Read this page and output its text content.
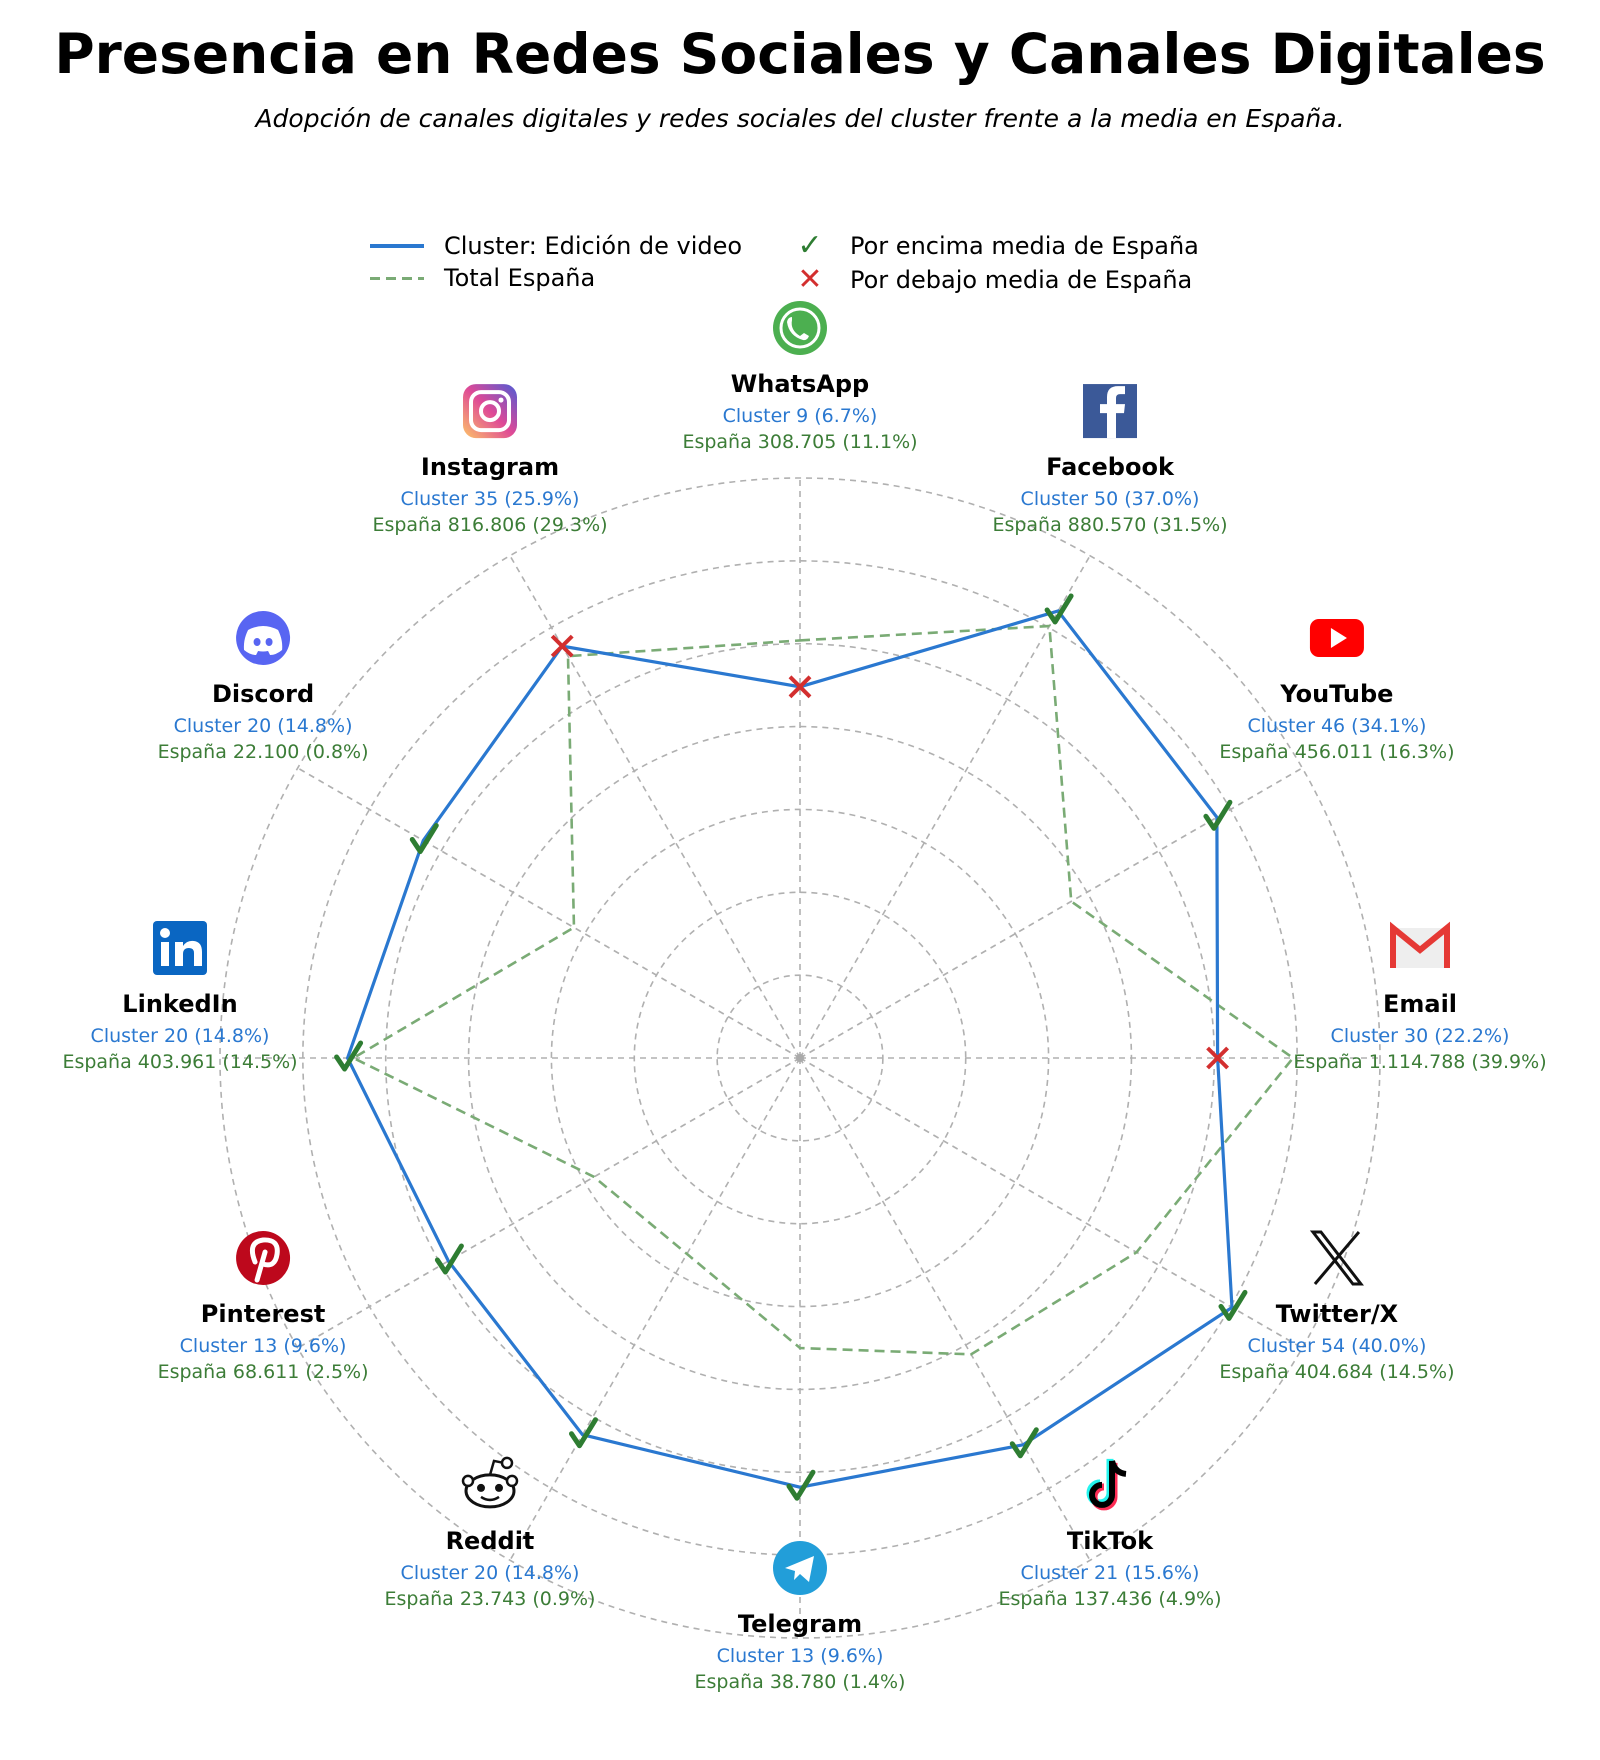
Presencia en Redes Sociales y Canales Digitales
Adopción de canales digitales y redes sociales del cluster frente a la media en España.
Cluster: Edición de video
Total España
✓	Por encima media de España
✕	Por debajo media de España
WhatsApp
Cluster 9 (6.7%)
España 308.705 (11.1%)
Facebook
Cluster 50 (37.0%)
España 880.570 (31.5%)
YouTube
Cluster 46 (34.1%)
España 456.011 (16.3%)
Email
Cluster 30 (22.2%)
España 1.114.788 (39.9%)
Twitter/X
Cluster 54 (40.0%)
España 404.684 (14.5%)
TikTok
Cluster 21 (15.6%)
España 137.436 (4.9%)
Telegram
Cluster 13 (9.6%)
España 38.780 (1.4%)
Reddit
Cluster 20 (14.8%)
España 23.743 (0.9%)
Pinterest
Cluster 13 (9.6%)
España 68.611 (2.5%)
LinkedIn
Cluster 20 (14.8%)
España 403.961 (14.5%)
Discord
Cluster 20 (14.8%)
España 22.100 (0.8%)
Instagram
Cluster 35 (25.9%)
España 816.806 (29.3%)
